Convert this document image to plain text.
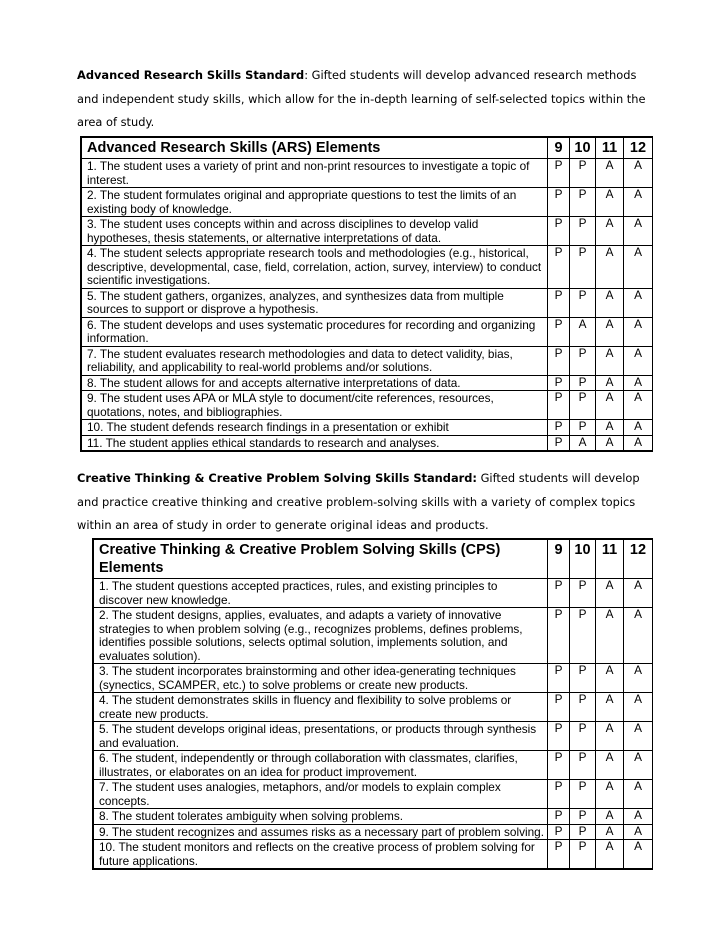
Advanced Research Skills Standard: Gifted students will develop advanced research methods and independent study skills, which allow for the in-depth learning of self-selected topics within the area of study.
Advanced Research Skills (ARS) Elements	9	10	11	12
1. The student uses a variety of print and non-print resources to investigate a topic of interest.	P	P	A	A
2. The student formulates original and appropriate questions to test the limits of an existing body of knowledge.	P	P	A	A
3. The student uses concepts within and across disciplines to develop valid hypotheses, thesis statements, or alternative interpretations of data.	P	P	A	A
4. The student selects appropriate research tools and methodologies (e.g., historical, descriptive, developmental, case, field, correlation, action, survey, interview) to conduct scientific investigations.	P	P	A	A
5. The student gathers, organizes, analyzes, and synthesizes data from multiple sources to support or disprove a hypothesis.	P	P	A	A
6. The student develops and uses systematic procedures for recording and organizing information.	P	A	A	A
7. The student evaluates research methodologies and data to detect validity, bias, reliability, and applicability to real-world problems and/or solutions.	P	P	A	A
8. The student allows for and accepts alternative interpretations of data.	P	P	A	A
9. The student uses APA or MLA style to document/cite references, resources, quotations, notes, and bibliographies.	P	P	A	A
10. The student defends research findings in a presentation or exhibit	P	P	A	A
11. The student applies ethical standards to research and analyses.	P	A	A	A
Creative Thinking & Creative Problem Solving Skills Standard: Gifted students will develop and practice creative thinking and creative problem-solving skills with a variety of complex topics within an area of study in order to generate original ideas and products.
Creative Thinking & Creative Problem Solving Skills (CPS) Elements	9	10	11	12
1. The student questions accepted practices, rules, and existing principles to discover new knowledge.	P	P	A	A
2. The student designs, applies, evaluates, and adapts a variety of innovative strategies to when problem solving (e.g., recognizes problems, defines problems, identifies possible solutions, selects optimal solution, implements solution, and evaluates solution).	P	P	A	A
3. The student incorporates brainstorming and other idea-generating techniques (synectics, SCAMPER, etc.) to solve problems or create new products.	P	P	A	A
4. The student demonstrates skills in fluency and flexibility to solve problems or create new products.	P	P	A	A
5. The student develops original ideas, presentations, or products through synthesis and evaluation.	P	P	A	A
6. The student, independently or through collaboration with classmates, clarifies, illustrates, or elaborates on an idea for product improvement.	P	P	A	A
7. The student uses analogies, metaphors, and/or models to explain complex concepts.	P	P	A	A
8. The student tolerates ambiguity when solving problems.	P	P	A	A
9. The student recognizes and assumes risks as a necessary part of problem solving.	P	P	A	A
10. The student monitors and reflects on the creative process of problem solving for future applications.	P	P	A	A
